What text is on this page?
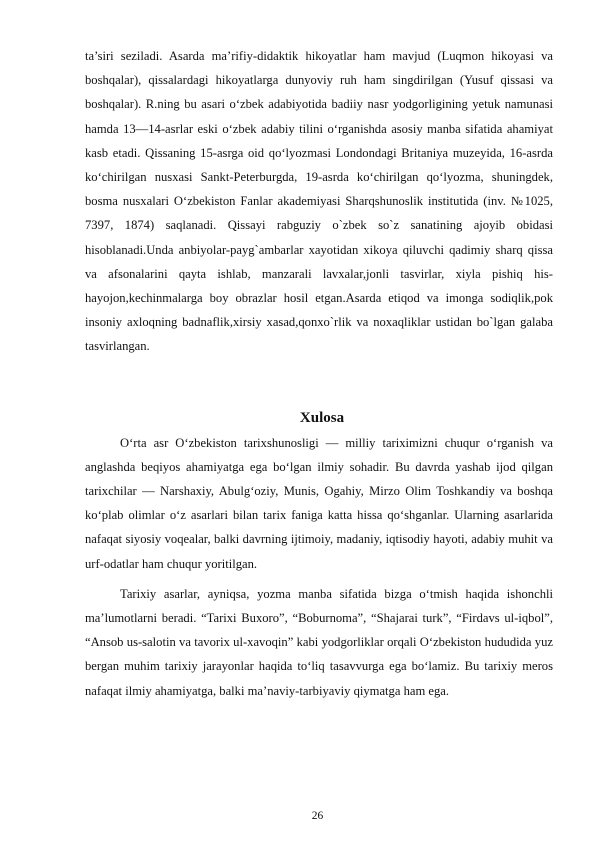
ta’siri seziladi. Asarda ma’rifiy-didaktik hikoyatlar ham mavjud (Luqmon hikoyasi va boshqalar), qissalardagi hikoyatlarga dunyoviy ruh ham singdirilgan (Yusuf qissasi va boshqalar). R.ning bu asari o‘zbek adabiyotida badiiy nasr yodgorligining yetuk namunasi hamda 13—14-asrlar eski o‘zbek adabiy tilini o‘rganishda asosiy manba sifatida ahamiyat kasb etadi. Qissaning 15-asrga oid qo‘lyozmasi Londondagi Britaniya muzeyida, 16-asrda ko‘chirilgan nusxasi Sankt-Peterburgda, 19-asrda ko‘chirilgan qo‘lyozma, shuningdek, bosma nusxalari O‘zbekiston Fanlar akademiyasi Sharqshunoslik institutida (inv. №1025, 7397, 1874) saqlanadi. Qissayi rabguziy o`zbek so`z sanatining ajoyib obidasi hisoblanadi.Unda anbiyolar-payg`ambarlar xayotidan xikoya qiluvchi qadimiy sharq qissa va afsonalarini qayta ishlab, manzarali lavxalar,jonli tasvirlar, xiyla pishiq his-hayojon,kechinmalarga boy obrazlar hosil etgan.Asarda etiqod va imonga sodiqlik,pok insoniy axloqning badnaflik,xirsiy xasad,qonxo`rlik va noxaqliklar ustidan bo`lgan galaba tasvirlangan.

Xulosa

O‘rta asr O‘zbekiston tarixshunosligi — milliy tariximizni chuqur o‘rganish va anglashda beqiyos ahamiyatga ega bo‘lgan ilmiy sohadir. Bu davrda yashab ijod qilgan tarixchilar — Narshaxiy, Abulg‘oziy, Munis, Ogahiy, Mirzo Olim Toshkandiy va boshqa ko‘plab olimlar o‘z asarlari bilan tarix faniga katta hissa qo‘shganlar. Ularning asarlarida nafaqat siyosiy voqealar, balki davrning ijtimoiy, madaniy, iqtisodiy hayoti, adabiy muhit va urf-odatlar ham chuqur yoritilgan.

Tarixiy asarlar, ayniqsa, yozma manba sifatida bizga o‘tmish haqida ishonchli ma’lumotlarni beradi. “Tarixi Buxoro”, “Boburnoma”, “Shajarai turk”, “Firdavs ul-iqbol”, “Ansob us-salotin va tavorix ul-xavoqin” kabi yodgorliklar orqali O‘zbekiston hududida yuz bergan muhim tarixiy jarayonlar haqida to‘liq tasavvurga ega bo‘lamiz. Bu tarixiy meros nafaqat ilmiy ahamiyatga, balki ma’naviy-tarbiyaviy qiymatga ham ega.

26
